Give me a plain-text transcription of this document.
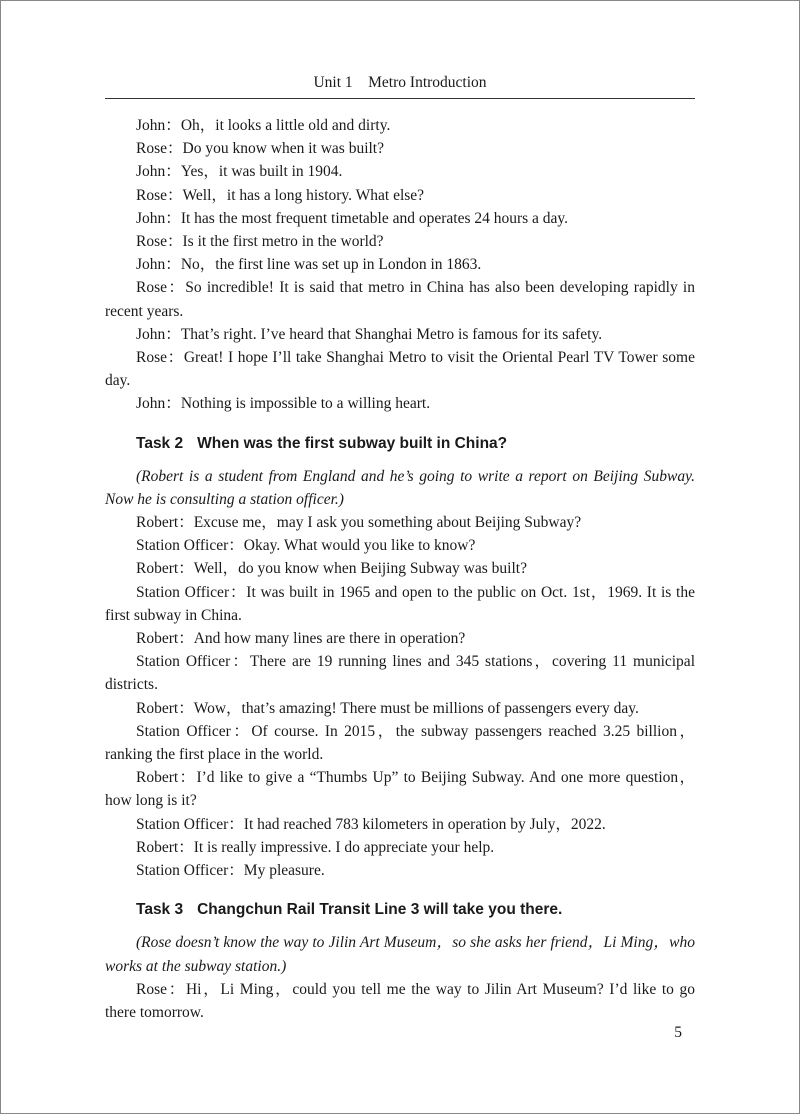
Unit 1    Metro Introduction

John ： Oh，it looks a little old and dirty.

Rose ： Do you know when it was built?

John ： Yes，it was built in 1904.

Rose ： Well，it has a long history. What else?

John ： It has the most frequent timetable and operates 24 hours a day.

Rose ： Is it the first metro in the world?

John ： No，the first line was set up in London in 1863.

Rose ： So incredible! It is said that metro in China has also been developing rapidly in recent years.

John ： That’s right. I’ve heard that Shanghai Metro is famous for its safety.

Rose ： Great! I hope I’ll take Shanghai Metro to visit the Oriental Pearl TV Tower some day.

John ： Nothing is impossible to a willing heart.

Task 2 When was the first subway built in China?

(Robert is a student from England and he’s going to write a report on Beijing Subway. Now he is consulting a station officer.)

Robert ： Excuse me，may I ask you something about Beijing Subway?

Station Officer ： Okay. What would you like to know?

Robert ： Well，do you know when Beijing Subway was built?

Station Officer ： It was built in 1965 and open to the public on Oct. 1st，1969. It is the first subway in China.

Robert ： And how many lines are there in operation?

Station Officer ： There are 19 running lines and 345 stations，covering 11 municipal districts.

Robert ： Wow，that’s amazing! There must be millions of passengers every day.

Station Officer ： Of course. In 2015，the subway passengers reached 3.25 billion，ranking the first place in the world.

Robert ： I’d like to give a “Thumbs Up” to Beijing Subway. And one more question，how long is it?

Station Officer ： It had reached 783 kilometers in operation by July，2022.

Robert ： It is really impressive. I do appreciate your help.

Station Officer ： My pleasure.

Task 3 Changchun Rail Transit Line 3 will take you there.

(Rose doesn’t know the way to Jilin Art Museum，so she asks her friend，Li Ming，who works at the subway station.)

Rose ： Hi，Li Ming，could you tell me the way to Jilin Art Museum? I’d like to go there tomorrow.

5
